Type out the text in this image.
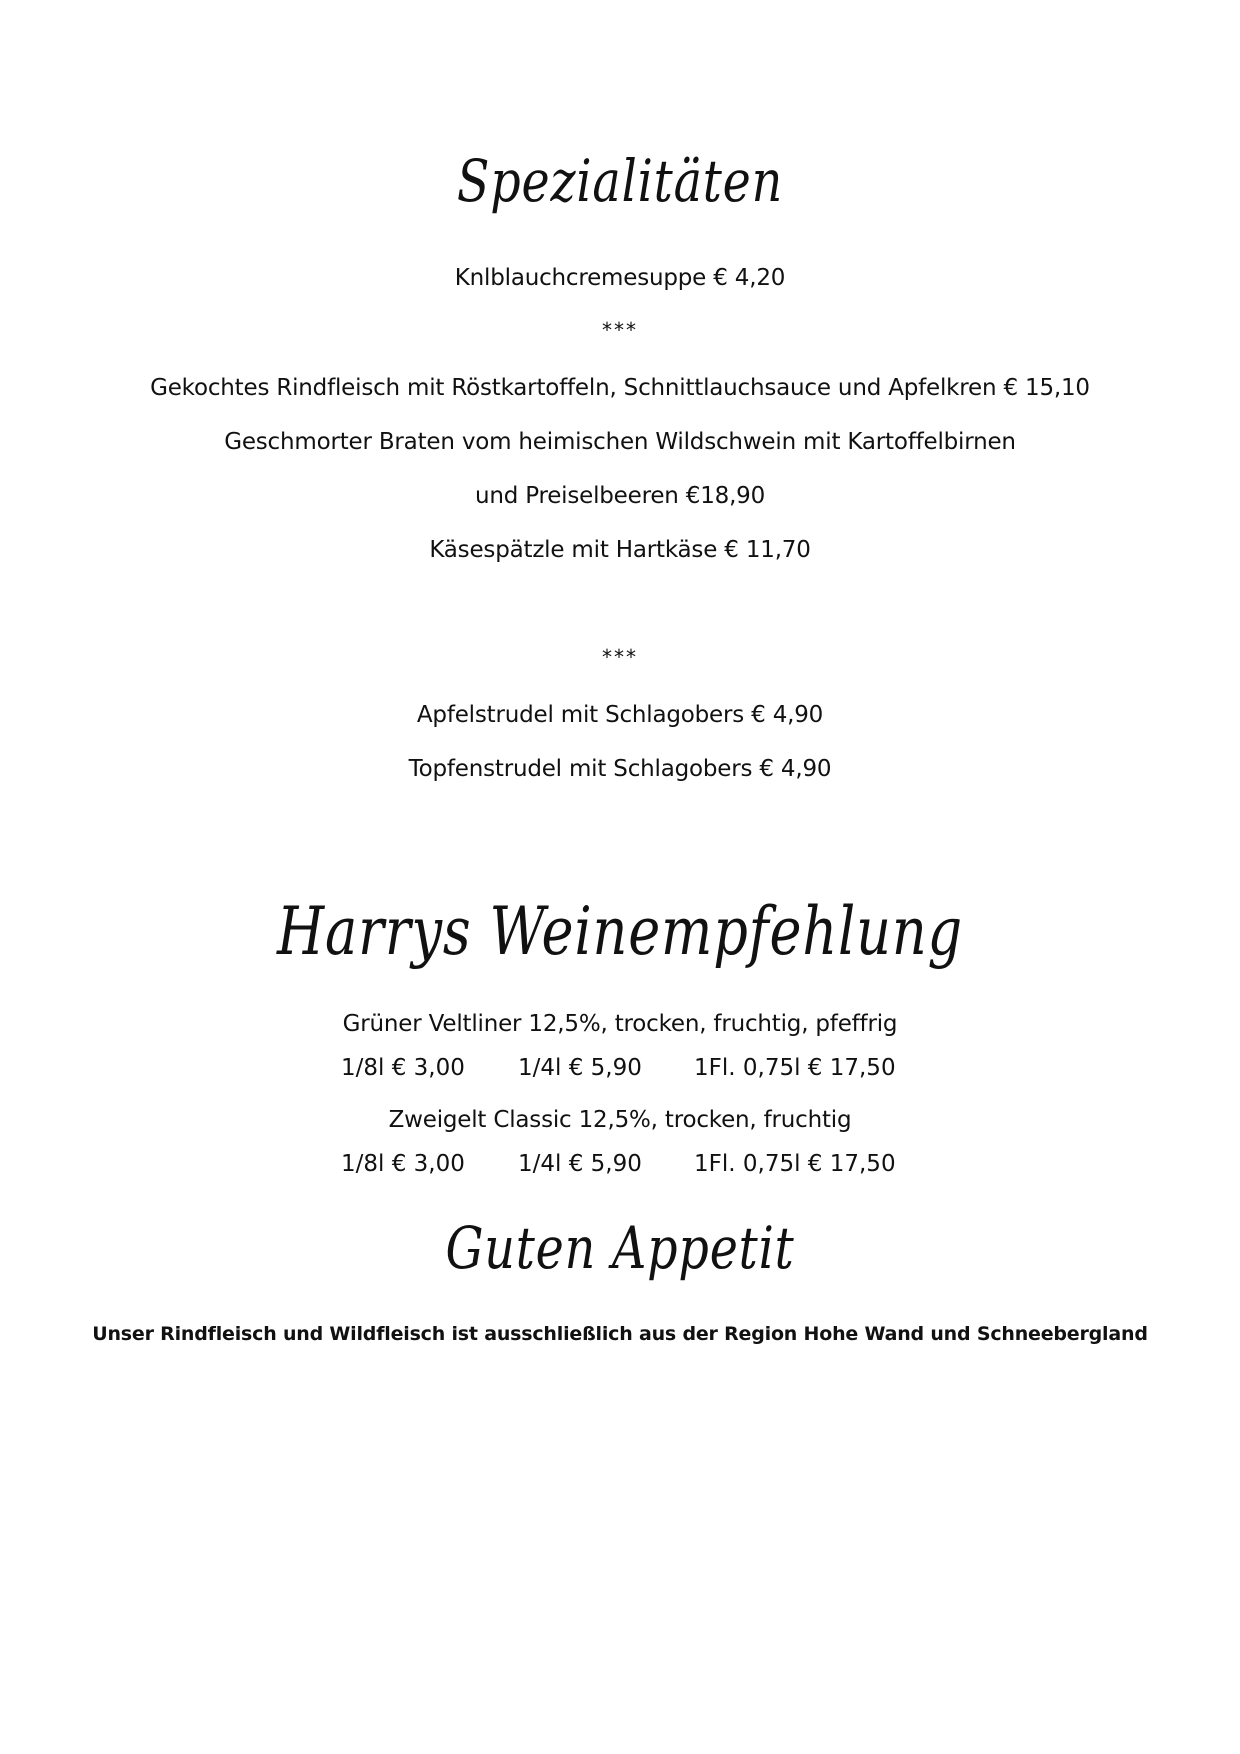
Spezialitäten
Knlblauchcremesuppe € 4,20
***
Gekochtes Rindfleisch mit Röstkartoffeln, Schnittlauchsauce und Apfelkren € 15,10
Geschmorter Braten vom heimischen Wildschwein mit Kartoffelbirnen
und Preiselbeeren €18,90
Käsespätzle mit Hartkäse € 11,70
***
Apfelstrudel mit Schlagobers € 4,90
Topfenstrudel mit Schlagobers € 4,90
Harrys Weinempfehlung
Grüner Veltliner 12,5%, trocken, fruchtig, pfeffrig
1/8l € 3,00 1/4l € 5,90 1Fl. 0,75l € 17,50
Zweigelt Classic 12,5%, trocken, fruchtig
1/8l € 3,00 1/4l € 5,90 1Fl. 0,75l € 17,50
Guten Appetit
Unser Rindfleisch und Wildfleisch ist ausschließlich aus der Region Hohe Wand und Schneebergland
